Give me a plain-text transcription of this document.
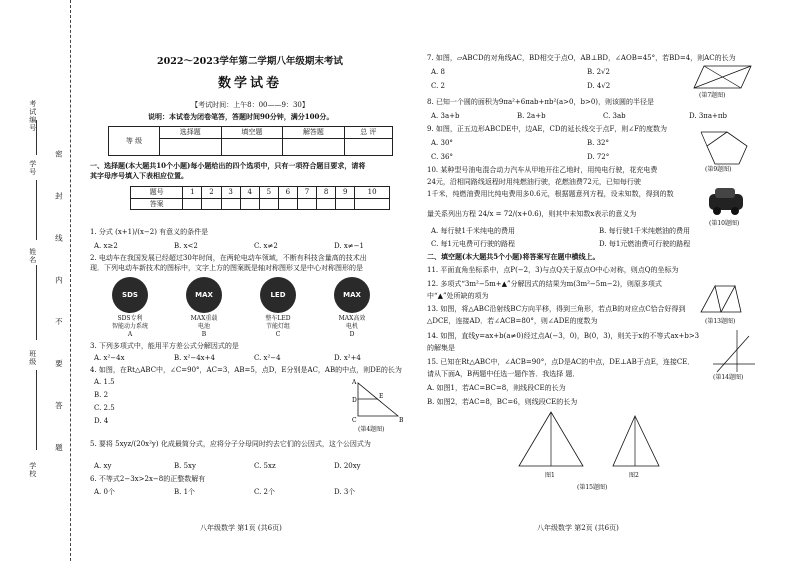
考试编号
学号
姓名
班级
学校
密 封 线 内 不 要 答 题
2022～2023学年第二学期八年级期末考试
数学试卷
【考试时间：上午8：00——9：30】
说明：本试卷为闭卷笔答，答题时间90分钟，满分100分。
等 级	选择题	填空题	解答题	总 评

一、选择题(本大题共10个小题)每小题给出的四个选项中，只有一项符合题目要求，请将
其字母序号填入下表相应位置。
题号	1	2	3	4	5	6	7	8	9	10
答案										
1. 分式 (x+1)/(x−2) 有意义的条件是
A. x≥2	B. x<2	C. x≠2	D. x≠−1
2. 电动车在我国发展已经超过30年时间，在两轮电动车领域，不断有科技含量高的技术出
现．下列电动车新技术的图标中，文字上方的图案既是轴对称图形又是中心对称图形的是
SDS	MAX	LED	MAX
SDS专利
智能动力系统
MAX重载
电池
整车LED
节能灯组
MAX高效
电机
A	B	C	D
3. 下列多项式中，能用平方差公式分解因式的是
A. x²−4x	B. x²−4x+4	C. x²−4	D. x²+4
4. 如图，在Rt△ABC中，∠C=90°，AC=3，AB=5，点D，E分别是AC，AB的中点，则DE的长为
A. 1.5
B. 2
C. 2.5
D. 4
A
D
E
C	B
(第4题图)
5. 要将 5xyz/(20x²y) 化成最简分式，应将分子分母同时约去它们的公因式，这个公因式为
A. xy	B. 5xy	C. 5xz	D. 20xy
6. 不等式2−3x>2x−8的正整数解有
A. 0个	B. 1个	C. 2个	D. 3个
八年级数学 第1页 (共6页)
7. 如图，▱ABCD的对角线AC，BD相交于点O，AB⊥BD，∠AOB=45°，若BD=4，则AC的长为
A. 8	B. 2√2
C. 2	D. 4√2
(第7题图)
8. 已知一个圆的面积为9πa²+6πab+πb²(a>0，b>0)，则该圆的半径是
A. 3a+b	B. 2a+b	C. 3ab	D. 3πa+πb
9. 如图，正五边形ABCDE中，边AE，CD的延长线交于点F，则∠F的度数为
A. 30°	B. 32°
C. 36°	D. 72°
(第9题图)
10. 某种型号油电混合动力汽车从甲地开往乙地时，用纯电行驶，花充电费
24元，沿相同路线返程时用纯燃油行驶，花燃油费72元，已知每行驶
1千米，纯燃油费用比纯电费用多0.6元，根据题意列方程，设未知数，得到的数
量关系列出方程 24/x = 72/(x+0.6)，则其中未知数x表示的意义为
A. 每行驶1千米纯电的费用	B. 每行驶1千米纯燃油的费用
C. 每1元电费可行驶的路程	D. 每1元燃油费可行驶的路程
(第10题图)
二、填空题(本大题共5个小题)将答案写在题中横线上。
11. 平面直角坐标系中，点P(−2，3)与点Q关于原点O中心对称，则点Q的坐标为
12. 多项式“3m²−5m+▲”分解因式的结果为m(3m²−5m−2)，则原多项式
中“▲”处所缺的项为
13. 如图，将△ABC沿射线BC方向平移，得到三角形，若点B的对应点C恰合好得到
△DCE，连接AD．若∠ACB=80°，则∠ADE的度数为	(第13题图)
14. 如图，直线y=ax+b(a≠0)经过点A(−3，0)，B(0，3)，则关于x的不等式ax+b>3
的解集是
(第14题图)
15. 已知在Rt△ABC中，∠ACB=90°，点D是AC的中点，DE⊥AB于点E，连接CE．
请从下面A，B两题中任选一题作答．我选择 题．
A. 如图1，若AC=BC=8，则线段CE的长为
B. 如图2，若AC=8，BC=6，则线段CE的长为
图1	图2
(第15题图)
八年级数学 第2页 (共6页)
